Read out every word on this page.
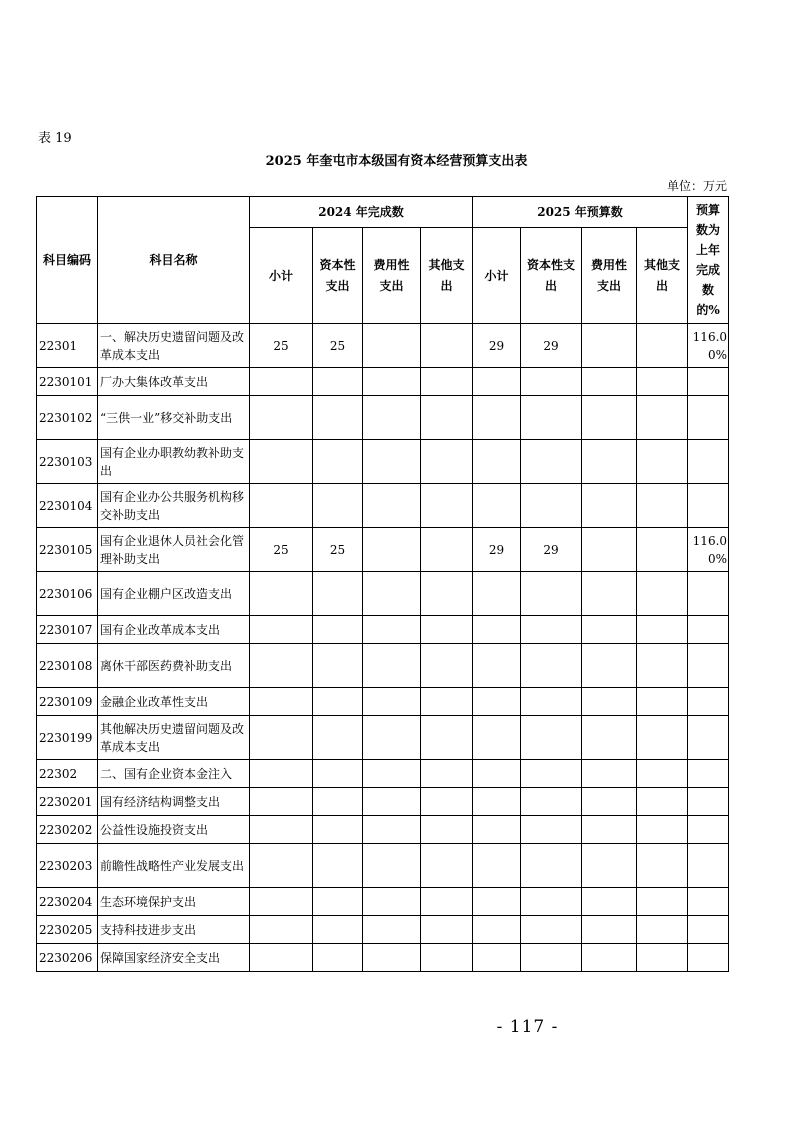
表 19
2025 年奎屯市本级国有资本经营预算支出表
单位：万元
科目编码	科目名称	2024 年完成数				2025 年预算数				预算数为上年完成数的%
		小计	资本性支出	费用性支出	其他支出	小计	资本性支出	费用性支出	其他支出	
22301	一、解决历史遗留问题及改革成本支出	25	25			29	29			116.00%
2230101	厂办大集体改革支出									
2230102	“三供一业”移交补助支出									
2230103	国有企业办职教幼教补助支出									
2230104	国有企业办公共服务机构移交补助支出									
2230105	国有企业退休人员社会化管理补助支出	25	25			29	29			116.00%
2230106	国有企业棚户区改造支出									
2230107	国有企业改革成本支出									
2230108	离休干部医药费补助支出									
2230109	金融企业改革性支出									
2230199	其他解决历史遗留问题及改革成本支出									
22302	二、国有企业资本金注入									
2230201	国有经济结构调整支出									
2230202	公益性设施投资支出									
2230203	前瞻性战略性产业发展支出									
2230204	生态环境保护支出									
2230205	支持科技进步支出									
2230206	保障国家经济安全支出									
- 117 -
